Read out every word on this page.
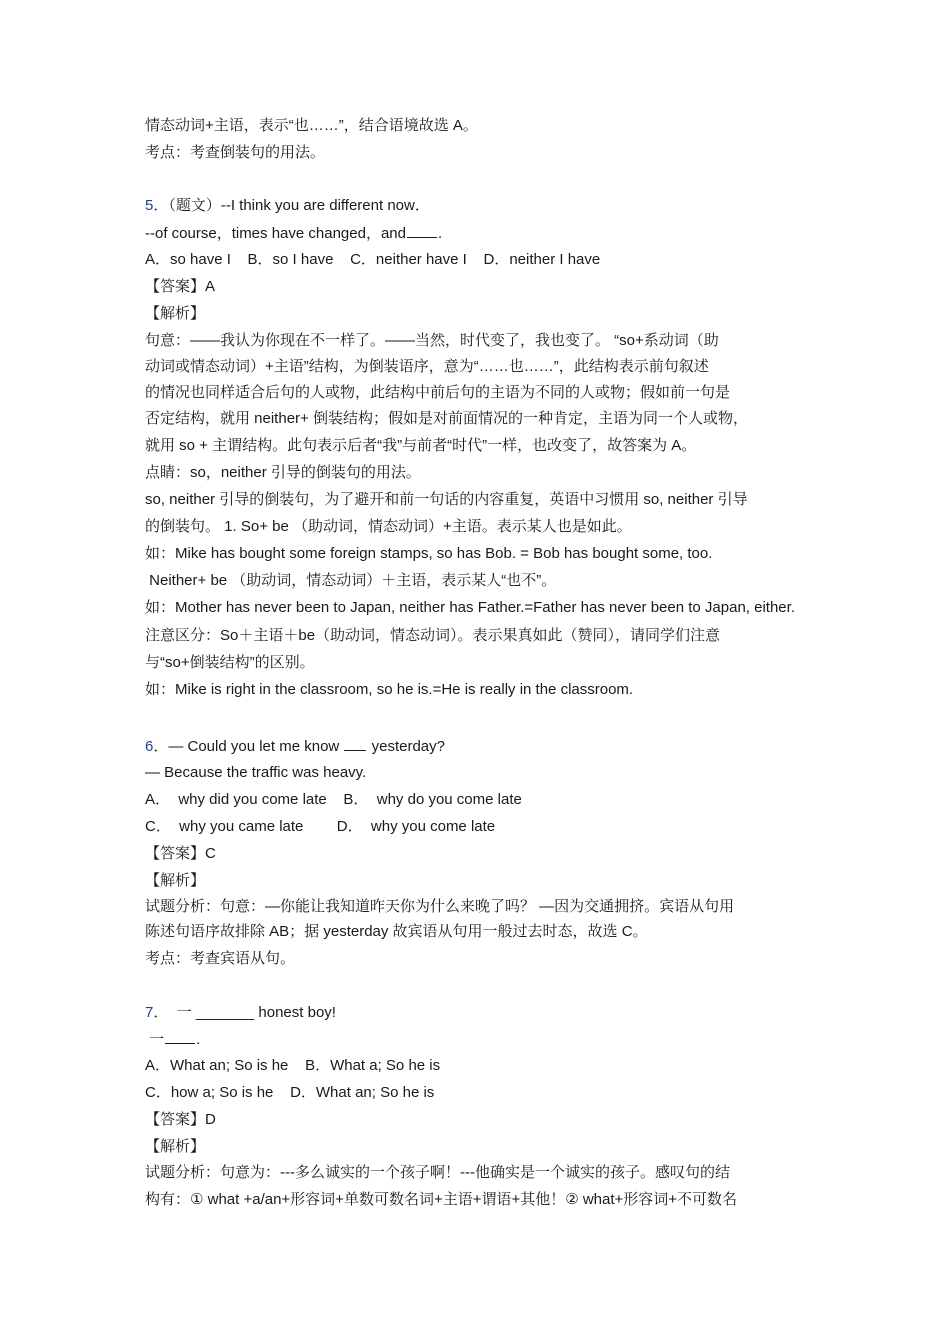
情态动词+主语，表示“也……”，结合语境故选 A。
考点：考查倒装句的用法。
5．（题文）--I think you are different now．
--of course，times have changed，and .
A．so have I    B．so I have    C．neither have I    D．neither I have
【答案】A
【解析】
句意：——我认为你现在不一样了。——当然，时代变了，我也变了。 “so+系动词（助
动词或情态动词）+主语”结构，为倒装语序，意为“……也……”，此结构表示前句叙述
的情况也同样适合后句的人或物，此结构中前后句的主语为不同的人或物；假如前一句是
否定结构，就用 neither+ 倒装结构；假如是对前面情况的一种肯定，主语为同一个人或物，
就用 so + 主谓结构。此句表示后者“我”与前者“时代”一样，也改变了，故答案为 A。
点睛：so，neither 引导的倒装句的用法。
so, neither 引导的倒装句，为了避开和前一句话的内容重复，英语中习惯用 so, neither 引导
的倒装句。 1. So+ be （助动词，情态动词）+主语。表示某人也是如此。
如：Mike has bought some foreign stamps, so has Bob. = Bob has bought some, too.
Neither+ be （助动词，情态动词）＋主语，表示某人“也不”。
如：Mother has never been to Japan, neither has Father.=Father has never been to Japan, either.
注意区分：So＋主语＋be（助动词，情态动词）。表示果真如此（赞同），请同学们注意
与“so+倒装结构”的区别。
如：Mike is right in the classroom, so he is.=He is really in the classroom.
6．— Could you let me know  yesterday?
— Because the traffic was heavy.
A．  why did you come late    B．  why do you come late
C．  why you came late        D．  why you come late
【答案】C
【解析】
试题分析：句意：—你能让我知道昨天你为什么来晚了吗？ —因为交通拥挤。宾语从句用
陈述句语序故排除 AB；据 yesterday 故宾语从句用一般过去时态，故选 C。
考点：考查宾语从句。
7．  一 _______ honest boy!
一 .
A．What an; So is he    B．What a; So he is
C．how a; So is he    D．What an; So he is
【答案】D
【解析】
试题分析：句意为：---多么诚实的一个孩子啊！---他确实是一个诚实的孩子。感叹句的结
构有：① what +a/an+形容词+单数可数名词+主语+谓语+其他！② what+形容词+不可数名
